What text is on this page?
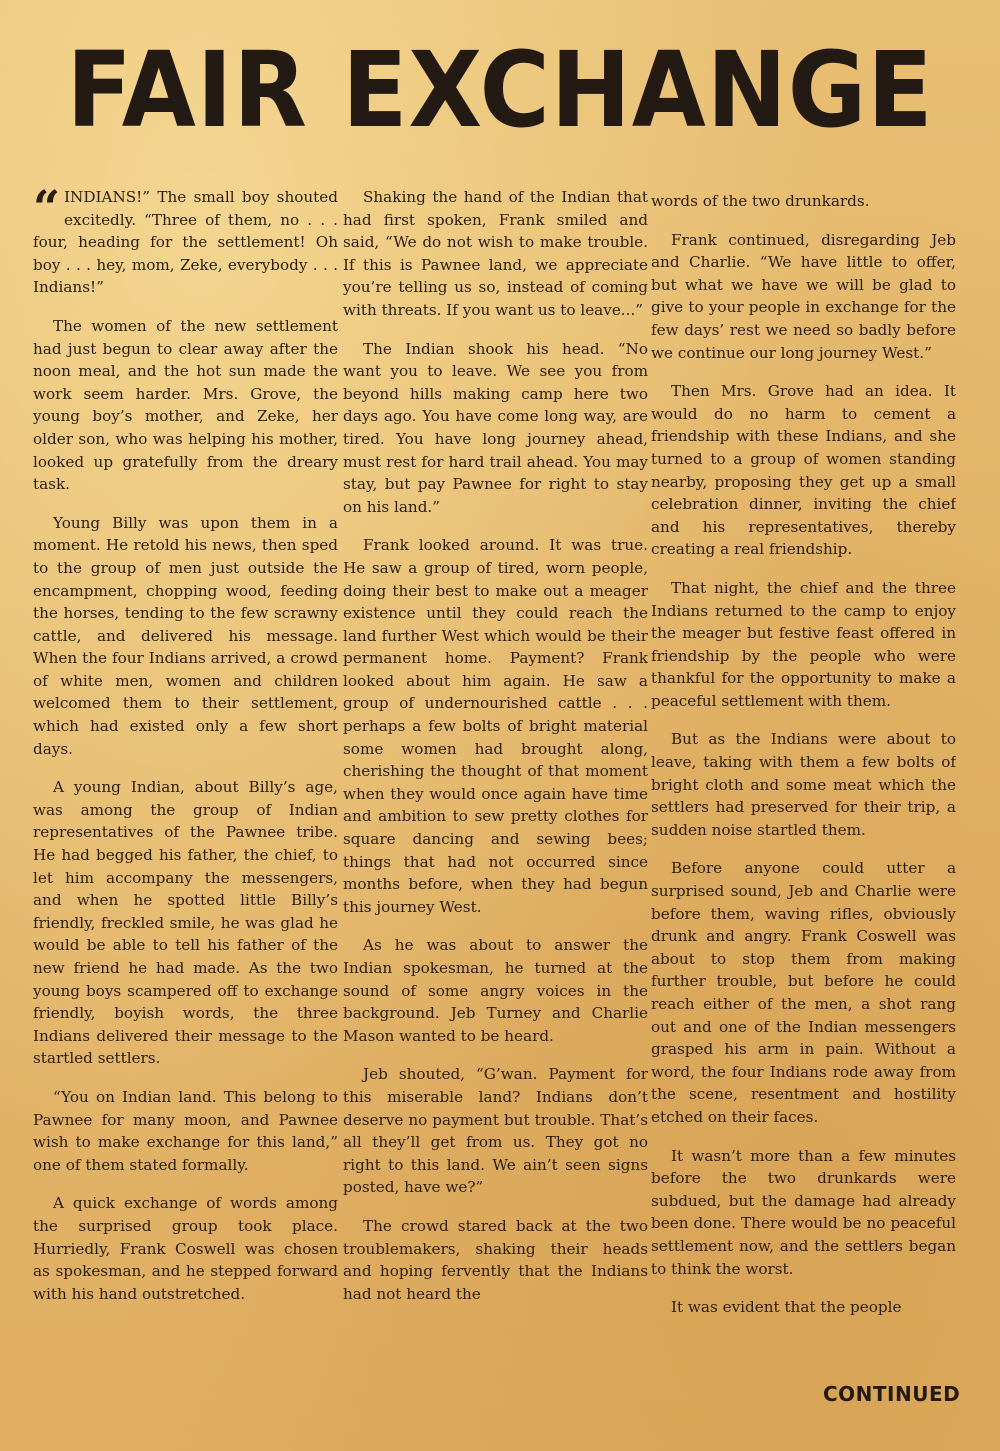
FAIR EXCHANGE

“ INDIANS!” The small boy shouted excitedly. “Three of them, no . . . four, heading for the settlement! Oh boy . . . hey, mom, Zeke, everybody . . . Indians!”

The women of the new settlement had just begun to clear away after the noon meal, and the hot sun made the work seem harder. Mrs. Grove, the young boy’s mother, and Zeke, her older son, who was helping his mother, looked up gratefully from the dreary task.

Young Billy was upon them in a moment. He retold his news, then sped to the group of men just outside the encampment, chopping wood, feeding the horses, tending to the few scrawny cattle, and delivered his message. When the four Indians arrived, a crowd of white men, women and children welcomed them to their settlement, which had existed only a few short days.

A young Indian, about Billy’s age, was among the group of Indian representatives of the Pawnee tribe. He had begged his father, the chief, to let him accompany the messengers, and when he spotted little Billy’s friendly, freckled smile, he was glad he would be able to tell his father of the new friend he had made. As the two young boys scampered off to exchange friendly, boyish words, the three Indians delivered their message to the startled settlers.

“You on Indian land. This belong to Pawnee for many moon, and Pawnee wish to make exchange for this land,” one of them stated formally.

A quick exchange of words among the surprised group took place. Hurriedly, Frank Coswell was chosen as spokesman, and he stepped forward with his hand outstretched.

Shaking the hand of the Indian that had first spoken, Frank smiled and said, “We do not wish to make trouble. If this is Pawnee land, we appreciate you’re telling us so, instead of coming with threats. If you want us to leave...”

The Indian shook his head. “No want you to leave. We see you from beyond hills making camp here two days ago. You have come long way, are tired. You have long journey ahead, must rest for hard trail ahead. You may stay, but pay Pawnee for right to stay on his land.”

Frank looked around. It was true. He saw a group of tired, worn people, doing their best to make out a meager existence until they could reach the land further West which would be their permanent home. Payment? Frank looked about him again. He saw a group of undernourished cattle . . . perhaps a few bolts of bright material some women had brought along, cherishing the thought of that moment when they would once again have time and ambition to sew pretty clothes for square dancing and sewing bees; things that had not occurred since months before, when they had begun this journey West.

As he was about to answer the Indian spokesman, he turned at the sound of some angry voices in the background. Jeb Turney and Charlie Mason wanted to be heard.

Jeb shouted, “G’wan. Payment for this miserable land? Indians don’t deserve no payment but trouble. That’s all they’ll get from us. They got no right to this land. We ain’t seen signs posted, have we?”

The crowd stared back at the two troublemakers, shaking their heads and hoping fervently that the Indians had not heard the

words of the two drunkards.

Frank continued, disregarding Jeb and Charlie. “We have little to offer, but what we have we will be glad to give to your people in exchange for the few days’ rest we need so badly before we continue our long journey West.”

Then Mrs. Grove had an idea. It would do no harm to cement a friendship with these Indians, and she turned to a group of women standing nearby, proposing they get up a small celebration dinner, inviting the chief and his representatives, thereby creating a real friendship.

That night, the chief and the three Indians returned to the camp to enjoy the meager but festive feast offered in friendship by the people who were thankful for the opportunity to make a peaceful settlement with them.

But as the Indians were about to leave, taking with them a few bolts of bright cloth and some meat which the settlers had preserved for their trip, a sudden noise startled them.

Before anyone could utter a surprised sound, Jeb and Charlie were before them, waving rifles, obviously drunk and angry. Frank Coswell was about to stop them from making further trouble, but before he could reach either of the men, a shot rang out and one of the Indian messengers grasped his arm in pain. Without a word, the four Indians rode away from the scene, resentment and hostility etched on their faces.

It wasn’t more than a few minutes before the two drunkards were subdued, but the damage had already been done. There would be no peaceful settlement now, and the settlers began to think the worst.

It was evident that the people

CONTINUED
